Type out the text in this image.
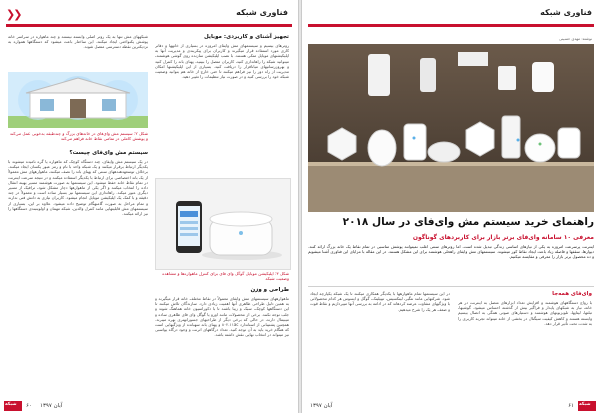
❯❯	فناوری شبکه
تجهیز آشنای و کاربردی: موبایل
روترهای بیسیم و سیستمهای مش وایفای امروزه در بسیاری از خانهها و دفاتر کاری مورد استفاده قرار میگیرند و کاربران برای پیکربندی و مدیریت آنها به اپلیکیشنهای موبایل متکی هستند. با نصب اپلیکیشن سازنده روی گوشی هوشمند، میتوانید شبکه را راهاندازی کنید، کاربران متصل را ببینید، پهنای باند را کنترل کنید و بهروزرسانیهای میانافزار را دریافت کنید. بسیاری از این اپلیکیشنها امکان مدیریت از راه دور را نیز فراهم میکنند تا حتی خارج از خانه هم بتوانید وضعیت شبکه خود را بررسی کنید و در صورت نیاز تنظیمات را تغییر دهید.
شکل ۳: اپلیکیشن موبایل گوگل وای فای برای کنترل ماهواره‌ها و مشاهده وضعیت شبکه
طراحی و وزن
ماهوارههای سیستمهای مش وایفای معمولاً در نقاط مختلف خانه قرار میگیرند و به همین دلیل طراحی ظاهری آنها اهمیت زیادی دارد. سازندگان تلاش میکنند تا این دستگاهها کوچک، سبک و زیبا باشند تا با دکوراسیون خانه هماهنگ شوند و جلب توجه نکنند. برخی از محصولات مانند اورو یا گوگل وای فای ظاهری ساده و مینیمال دارند، در حالی که برخی دیگر از طراحیهای جسورانهتری بهره میبرند. همچنین پشتیبانی از استاندارد ۸۰۲.۱۱ac و پهنای باند سهبانده از ویژگیهایی است که هنگام خرید باید به آن توجه کنید. تعداد درگاههای اترنت و وجود درگاه یواسبی نیز میتواند در انتخاب نهایی نقش داشته باشد.
شبکههای مش تنها به یک روتر اصلی وابسته نیستند و چند ماهواره در سراسر خانه پوشش یکنواختی ایجاد میکنند. این ساختار باعث میشود که دستگاهها همواره به نزدیکترین نقطه دسترسی متصل شوند.
شکل ۲: سیستم مش وای‌فای در خانه‌های بزرگ و چندطبقه به‌خوبی عمل می‌کند و پوشش کاملی در تمامی نقاط خانه فراهم می‌کند
سیستم مش وای‌فای چیست؟
در یک سیستم مش وایفای، چند دستگاه کوچک که ماهواره یا گره نامیده میشوند با یکدیگر ارتباط برقرار میکنند و یک شبکه واحد با نام و رمز عبور یکسان ایجاد میکنند. برخلاف توسعهدهندههای سنتی که پهنای باند را نصف میکنند، ماهوارههای مش معمولاً از یک باند اختصاصی برای ارتباط با یکدیگر استفاده میکنند و در نتیجه سرعت اینترنت در تمام نقاط خانه حفظ میشود. این سیستمها به صورت هوشمند مسیر بهینه انتقال داده را انتخاب میکنند و اگر یکی از ماهوارهها دچار مشکل شود، ترافیک از مسیر دیگری عبور میکند. راهاندازی این سیستمها نیز بسیار ساده است و معمولاً در چند دقیقه و با کمک یک اپلیکیشن موبایل انجام میشود. کاربران نیازی به دانش فنی ندارند و تمام مراحل به صورت گامبهگام توضیح داده میشود. علاوه بر این، بسیاری از سیستمهای مش قابلیتهایی مانند کنترل والدین، شبکه مهمان و اولویتبندی دستگاهها را نیز ارائه میکنند.
شبکه ۶۰ آبان ۱۳۹۷
فناوری شبکه
نوشته: مهدی حسینی
راهنمای خرید سیستم مش وای‌فای در سال ۲۰۱۸
معرفی ۱۰ سامانه وای‌فای برتر بازار برای کاربردهای گوناگون
اینترنت پرسرعت امروزه به یکی از نیازهای اساسی زندگی تبدیل شده است، اما روترهای سنتی اغلب نمیتوانند پوشش مناسبی در تمام نقاط یک خانه بزرگ ارائه کنند. دیوارها، سقفها و فاصله زیاد باعث ایجاد نقاط کور میشوند. سیستمهای مش وایفای راهحلی هوشمند برای این مشکل هستند. در این مقاله با مزایای این فناوری آشنا میشویم و ده محصول برتر بازار را معرفی و مقایسه میکنیم.
وای‌فای همه‌جا
با رواج دستگاههای هوشمند و افزایش تعداد ابزارهای متصل به اینترنت در هر خانه، نیاز به شبکهای پایدار و فراگیر بیش از گذشته احساس میشود. گوشیها، تبلتها، لپتاپها، تلویزیونهای هوشمند و دستیارهای صوتی همگی به اتصال بیسیم وابسته هستند و کاهش کیفیت سیگنال در بخشی از خانه میتواند تجربه کاربری را به شدت تحت تأثیر قرار دهد.
در این سیستمها تمام ماهوارهها با یکدیگر همکاری میکنند تا یک شبکه یکپارچه ایجاد شود. شرکتهایی مانند نتگیر، لینکسیس، تیپیلینک، گوگل و ایسوس هر کدام محصولاتی با ویژگیهای متفاوت عرضه کردهاند که در ادامه به بررسی آنها میپردازیم و نقاط قوت و ضعف هر یک را شرح میدهیم.
آبان ۱۳۹۷	۶۱ شبکه
